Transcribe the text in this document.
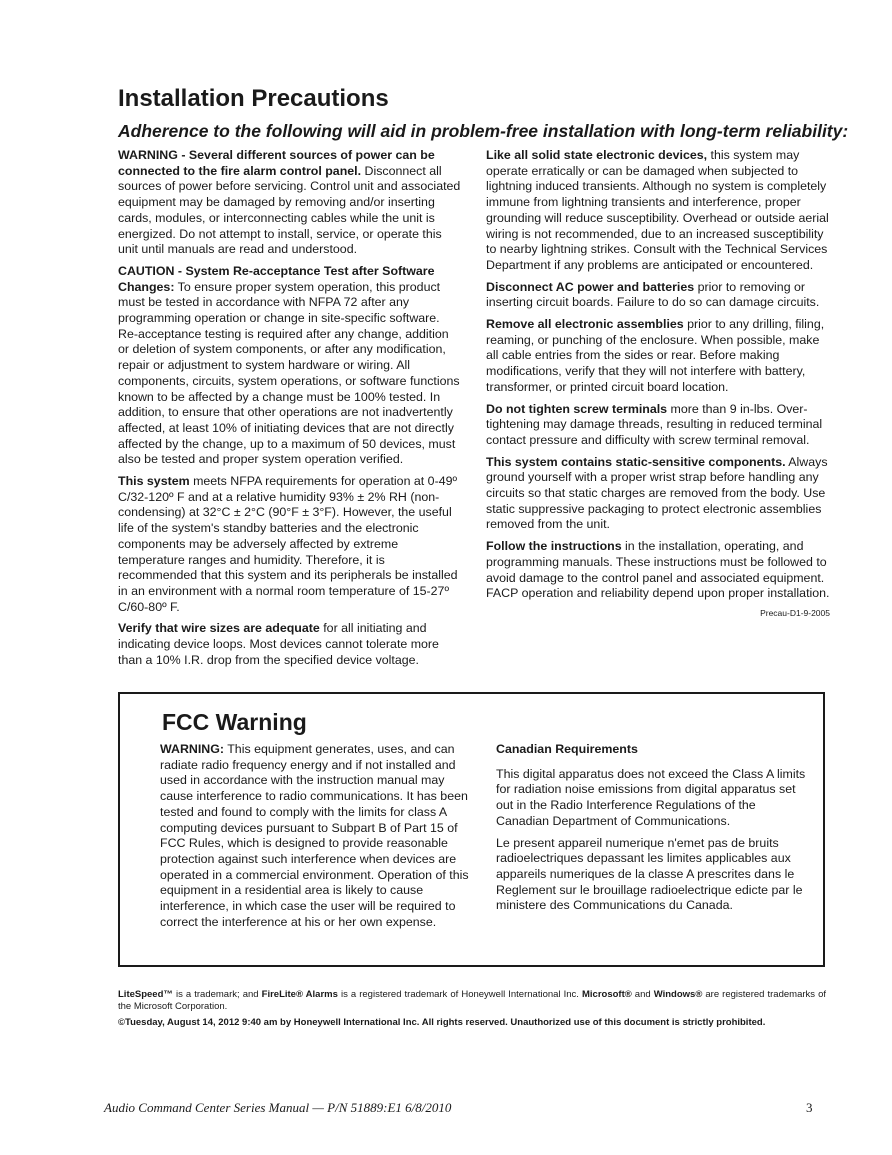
Installation Precautions
Adherence to the following will aid in problem-free installation with long-term reliability:

WARNING - Several different sources of power can be connected to the fire alarm control panel. Disconnect all sources of power before servicing. Control unit and associated equipment may be damaged by removing and/or inserting cards, modules, or interconnecting cables while the unit is energized. Do not attempt to install, service, or operate this unit until manuals are read and understood.

CAUTION - System Re-acceptance Test after Software Changes: To ensure proper system operation, this product must be tested in accordance with NFPA 72 after any programming operation or change in site-specific software. Re-acceptance testing is required after any change, addition or deletion of system components, or after any modification, repair or adjustment to system hardware or wiring. All components, circuits, system operations, or software functions known to be affected by a change must be 100% tested. In addition, to ensure that other operations are not inadvertently affected, at least 10% of initiating devices that are not directly affected by the change, up to a maximum of 50 devices, must also be tested and proper system operation verified.

This system meets NFPA requirements for operation at 0-49º C/32-120º F and at a relative humidity 93% ± 2% RH (non-condensing) at 32°C ± 2°C (90°F ± 3°F). However, the useful life of the system's standby batteries and the electronic components may be adversely affected by extreme temperature ranges and humidity. Therefore, it is recommended that this system and its peripherals be installed in an environment with a normal room temperature of 15-27º C/60-80º F.

Verify that wire sizes are adequate for all initiating and indicating device loops. Most devices cannot tolerate more than a 10% I.R. drop from the specified device voltage.

Like all solid state electronic devices, this system may operate erratically or can be damaged when subjected to lightning induced transients. Although no system is completely immune from lightning transients and interference, proper grounding will reduce susceptibility. Overhead or outside aerial wiring is not recommended, due to an increased susceptibility to nearby lightning strikes. Consult with the Technical Services Department if any problems are anticipated or encountered.

Disconnect AC power and batteries prior to removing or inserting circuit boards. Failure to do so can damage circuits.

Remove all electronic assemblies prior to any drilling, filing, reaming, or punching of the enclosure. When possible, make all cable entries from the sides or rear. Before making modifications, verify that they will not interfere with battery, transformer, or printed circuit board location.

Do not tighten screw terminals more than 9 in-lbs. Over-tightening may damage threads, resulting in reduced terminal contact pressure and difficulty with screw terminal removal.

This system contains static-sensitive components. Always ground yourself with a proper wrist strap before handling any circuits so that static charges are removed from the body. Use static suppressive packaging to protect electronic assemblies removed from the unit.

Follow the instructions in the installation, operating, and programming manuals. These instructions must be followed to avoid damage to the control panel and associated equipment. FACP operation and reliability depend upon proper installation.

Precau-D1-9-2005
FCC Warning

WARNING: This equipment generates, uses, and can radiate radio frequency energy and if not installed and used in accordance with the instruction manual may cause interference to radio communications. It has been tested and found to comply with the limits for class A computing devices pursuant to Subpart B of Part 15 of FCC Rules, which is designed to provide reasonable protection against such interference when devices are operated in a commercial environment. Operation of this equipment in a residential area is likely to cause interference, in which case the user will be required to correct the interference at his or her own expense.

Canadian Requirements

This digital apparatus does not exceed the Class A limits for radiation noise emissions from digital apparatus set out in the Radio Interference Regulations of the Canadian Department of Communications.

Le present appareil numerique n'emet pas de bruits radioelectriques depassant les limites applicables aux appareils numeriques de la classe A prescrites dans le Reglement sur le brouillage radioelectrique edicte par le ministere des Communications du Canada.

LiteSpeed™ is a trademark; and FireLite® Alarms is a registered trademark of Honeywell International Inc. Microsoft® and Windows® are registered trademarks of the Microsoft Corporation.
©Tuesday, August 14, 2012 9:40 am by Honeywell International Inc. All rights reserved. Unauthorized use of this document is strictly prohibited.
Audio Command Center Series Manual — P/N 51889:E1 6/8/2010	3
